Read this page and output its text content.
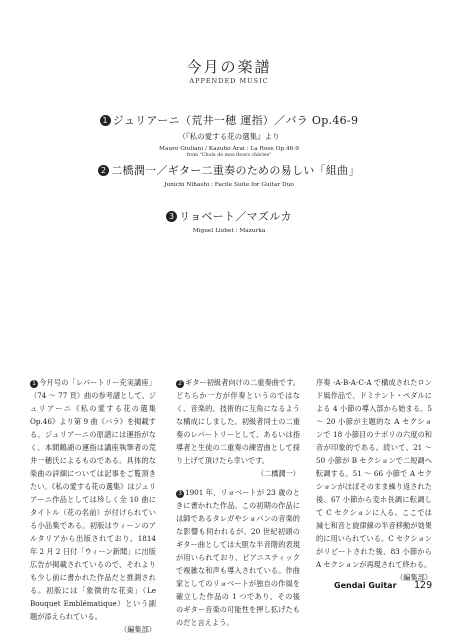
今月の楽譜
APPENDED MUSIC
1 ジュリアーニ（荒井一穂 運指）／バラ Op.46-9
（『私の愛する花の選集』より
Mauro Giuliani / Kazuho Arai : La Rose Op.46-9
from "Choix de mes fleurs chéries"
2 二橋潤一／ギター二重奏のための易しい「組曲」
Junichi Nihashi : Facile Suite for Guitar Duo
3 リョベート／マズルカ
Miguel Llobet : Mazurka

1 今月号の「レパートリー充実講座」（74 ～ 77 頁）曲の参考譜として、ジュリアーニ《私の愛する花の選集 Op.46》より第 9 曲《バラ》を掲載する。ジュリアーニの原譜には運指がなく、本間鶴湖の運指は講座執筆者の荒井一穂氏によるものである。具体的な楽曲の詳細については記事をご覧頂きたい。《私の愛する花の選集》はジュリアーニ作品としては珍しく全 10 曲にタイトル（花の名前）が付けられている小品集である。初版はウィーンのアルタリアから出版されており、1814 年 2 月 2 日付「ウィーン新聞」に出版広告が掲載されているので、それよりも少し前に書かれた作品だと推測される。初版には「象徴的な花束」（Le Bouquet Emblématique）という副題が添えられている。

（編集部）

2 ギター初級者向けの二重奏曲です。どちらか一方が伴奏というのではなく、音楽的、技術的に互角になるような構成にしました。初級者同士の二重奏のレパートリーとして、あるいは指導者と生徒の二重奏の練習曲として採り上げて頂けたら幸いです。

（二橋潤一）

3 1901 年、リョベートが 23 歳のときに書かれた作品。この初期の作品には師であるタレガやショパンの音楽的な影響も伺われるが、20 世紀初頭のギター曲としては大胆な半音階的表現が用いられており、ピアニスティックで複雑な和声も導入されている。作曲家としてのリョベートが独自の作風を確立した作品の 1 つであり、その後のギター音楽の可能性を押し拡げたものだと言えよう。

序奏 -A-B-A-C-A で構成されたロンド風作品で、ドミナント・ペダルによる 4 小節の導入部から始まる。5 ～ 20 小節が主題的な A セクションで 18 小節目のナポリの六度の和音が印象的である。続いて、21 ～ 50 小節が B セクションで二短調へ転調する。51 ～ 66 小節で A セクションがほぼそのまま繰り返された後、67 小節から変ホ長調に転調して C セクションに入る。ここでは減七和音と旋律線の半音移動が効果的に用いられている。C セクションがリピートされた後、83 小節から A セクションが再現されて終わる。

（編集部）

Gendai Guitar 129
